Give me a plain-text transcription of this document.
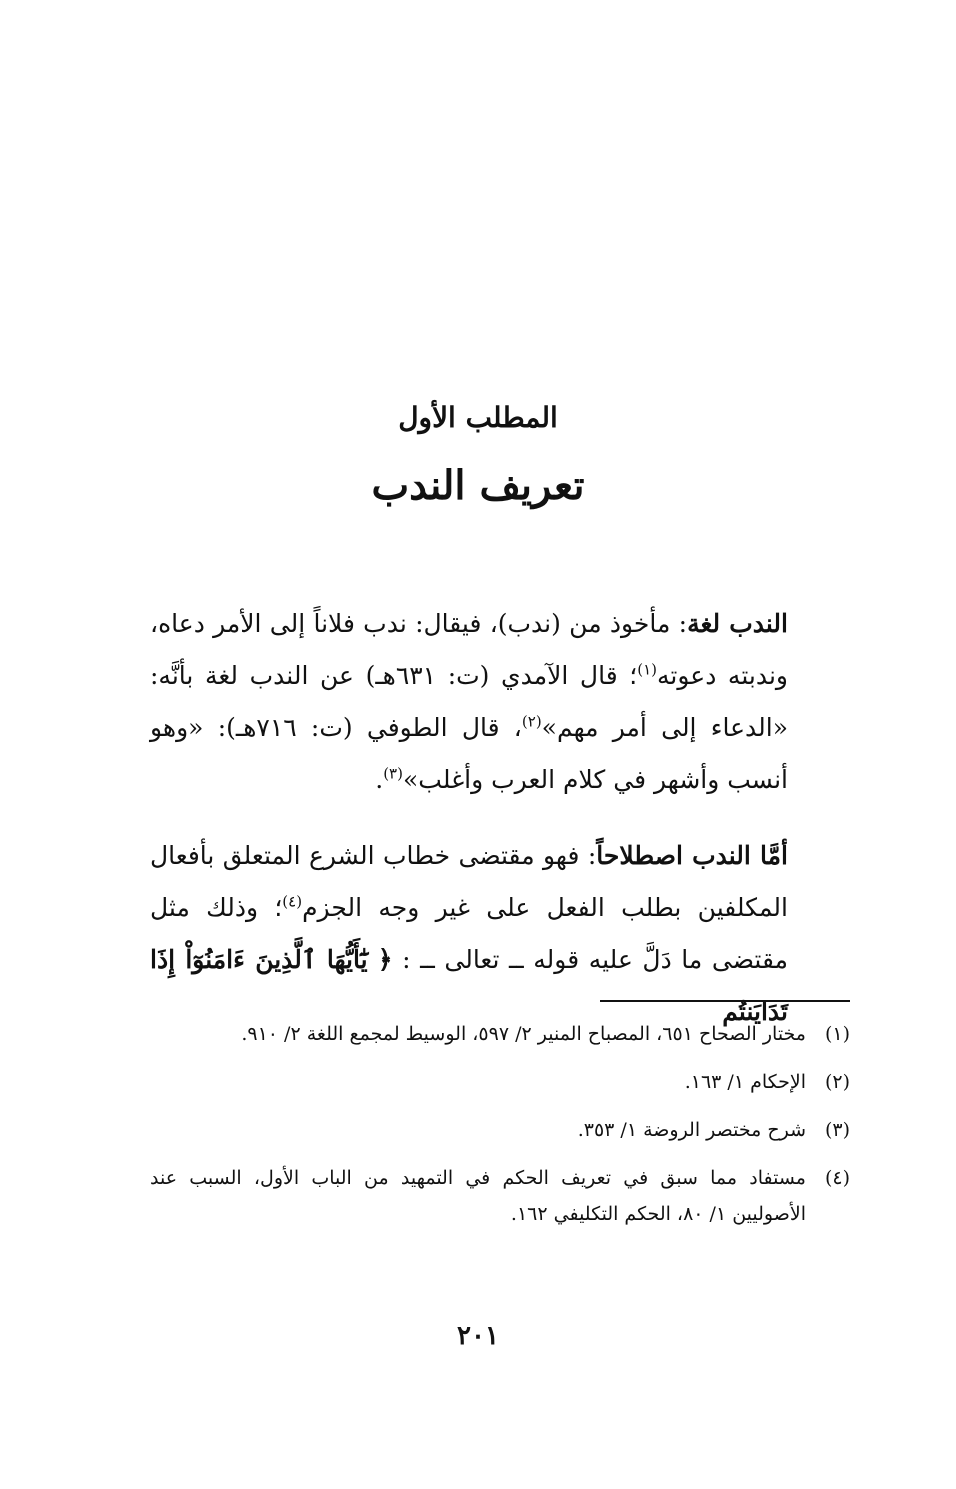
المطلب الأول
تعريف الندب

الندب لغة: مأخوذ من (ندب)، فيقال: ندب فلاناً إلى الأمر دعاه، وندبته دعوته$^{(١)}$؛ قال الآمدي (ت: ٦٣١هـ) عن الندب لغة بأنَّه: «الدعاء إلى أمر مهم»$^{(٢)}$، قال الطوفي (ت: ٧١٦هـ): «وهو أنسب وأشهر في كلام العرب وأغلب»$^{(٣)}$.

أمَّا الندب اصطلاحاً: فهو مقتضى خطاب الشرع المتعلق بأفعال المكلفين بطلب الفعل على غير وجه الجزم$^{(٤)}$؛ وذلك مثل مقتضى ما دَلَّ عليه قوله ــ تعالى ــ : ﴿ يَٰٓأَيُّهَا ٱلَّذِينَ ءَامَنُوٓاْ إِذَا تَدَايَنتُم

(١)
مختار الصحاح ٦٥١، المصباح المنير ٢/ ٥٩٧، الوسيط لمجمع اللغة ٢/ ٩١٠.
(٢)
الإحكام ١/ ١٦٣.
(٣)
شرح مختصر الروضة ١/ ٣٥٣.
(٤)
مستفاد مما سبق في تعريف الحكم في التمهيد من الباب الأول، السبب عند الأصوليين ١/ ٨٠، الحكم التكليفي ١٦٢.
٢٠١
